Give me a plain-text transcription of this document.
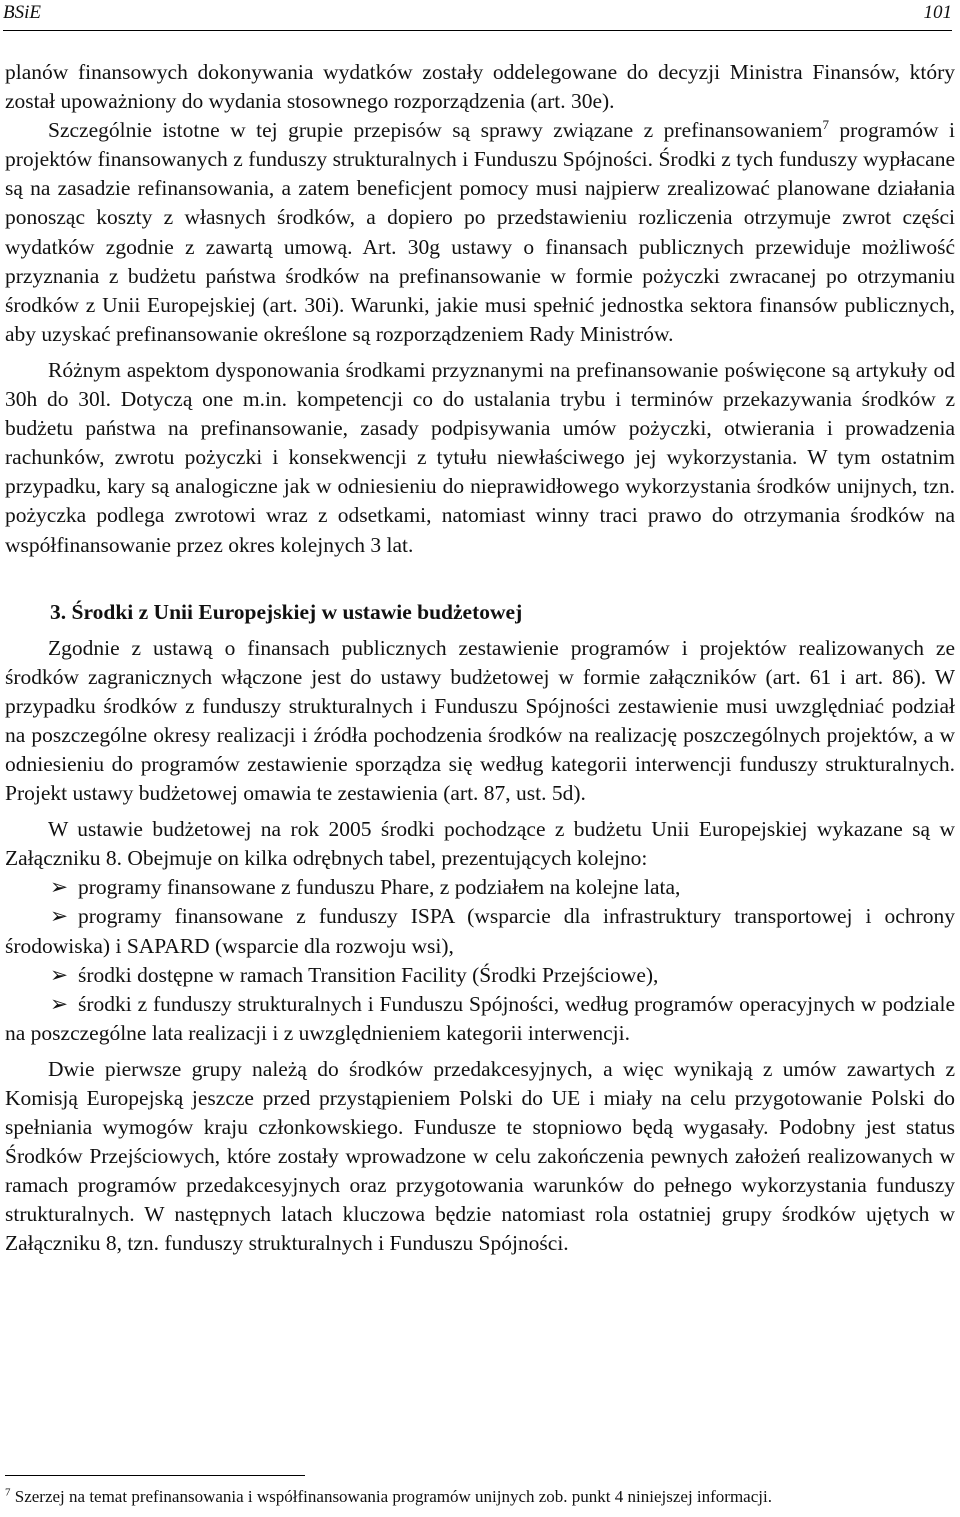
BSiE	101

planów finansowych dokonywania wydatków zostały oddelegowane do decyzji Ministra Finansów, który został upoważniony do wydania stosownego rozporządzenia (art. 30e).

Szczególnie istotne w tej grupie przepisów są sprawy związane z prefinansowaniem$^7$ programów i projektów finansowanych z funduszy strukturalnych i Funduszu Spójności. Środki z tych funduszy wypłacane są na zasadzie refinansowania, a zatem beneficjent pomocy musi najpierw zrealizować planowane działania ponosząc koszty z własnych środków, a dopiero po przedstawieniu rozliczenia otrzymuje zwrot części wydatków zgodnie z zawartą umową. Art. 30g ustawy o finansach publicznych przewiduje możliwość przyznania z budżetu państwa środków na prefinansowanie w formie pożyczki zwracanej po otrzymaniu środków z Unii Europejskiej (art. 30i). Warunki, jakie musi spełnić jednostka sektora finansów publicznych, aby uzyskać prefinansowanie określone są rozporządzeniem Rady Ministrów.

Różnym aspektom dysponowania środkami przyznanymi na prefinansowanie poświęcone są artykuły od 30h do 30l. Dotyczą one m.in. kompetencji co do ustalania trybu i terminów przekazywania środków z budżetu państwa na prefinansowanie, zasady podpisywania umów pożyczki, otwierania i prowadzenia rachunków, zwrotu pożyczki i konsekwencji z tytułu niewłaściwego jej wykorzystania. W tym ostatnim przypadku, kary są analogiczne jak w odniesieniu do nieprawidłowego wykorzystania środków unijnych, tzn. pożyczka podlega zwrotowi wraz z odsetkami, natomiast winny traci prawo do otrzymania środków na współfinansowanie przez okres kolejnych 3 lat.

3. Środki z Unii Europejskiej w ustawie budżetowej

Zgodnie z ustawą o finansach publicznych zestawienie programów i projektów realizowanych ze środków zagranicznych włączone jest do ustawy budżetowej w formie załączników (art. 61 i art. 86). W przypadku środków z funduszy strukturalnych i Funduszu Spójności zestawienie musi uwzględniać podział na poszczególne okresy realizacji i źródła pochodzenia środków na realizację poszczególnych projektów, a w odniesieniu do programów zestawienie sporządza się według kategorii interwencji funduszy strukturalnych. Projekt ustawy budżetowej omawia te zestawienia (art. 87, ust. 5d).

W ustawie budżetowej na rok 2005 środki pochodzące z budżetu Unii Europejskiej wykazane są w Załączniku 8. Obejmuje on kilka odrębnych tabel, prezentujących kolejno:

➢ programy finansowane z funduszu Phare, z podziałem na kolejne lata,

➢ programy finansowane z funduszy ISPA (wsparcie dla infrastruktury transportowej i ochrony środowiska) i SAPARD (wsparcie dla rozwoju wsi),

➢ środki dostępne w ramach Transition Facility (Środki Przejściowe),

➢ środki z funduszy strukturalnych i Funduszu Spójności, według programów operacyjnych w podziale na poszczególne lata realizacji i z uwzględnieniem kategorii interwencji.

Dwie pierwsze grupy należą do środków przedakcesyjnych, a więc wynikają z umów zawartych z Komisją Europejską jeszcze przed przystąpieniem Polski do UE i miały na celu przygotowanie Polski do spełniania wymogów kraju członkowskiego. Fundusze te stopniowo będą wygasały. Podobny jest status Środków Przejściowych, które zostały wprowadzone w celu zakończenia pewnych założeń realizowanych w ramach programów przedakcesyjnych oraz przygotowania warunków do pełnego wykorzystania funduszy strukturalnych. W następnych latach kluczowa będzie natomiast rola ostatniej grupy środków ujętych w Załączniku 8, tzn. funduszy strukturalnych i Funduszu Spójności.

$^7$ Szerzej na temat prefinansowania i współfinansowania programów unijnych zob. punkt 4 niniejszej informacji.
